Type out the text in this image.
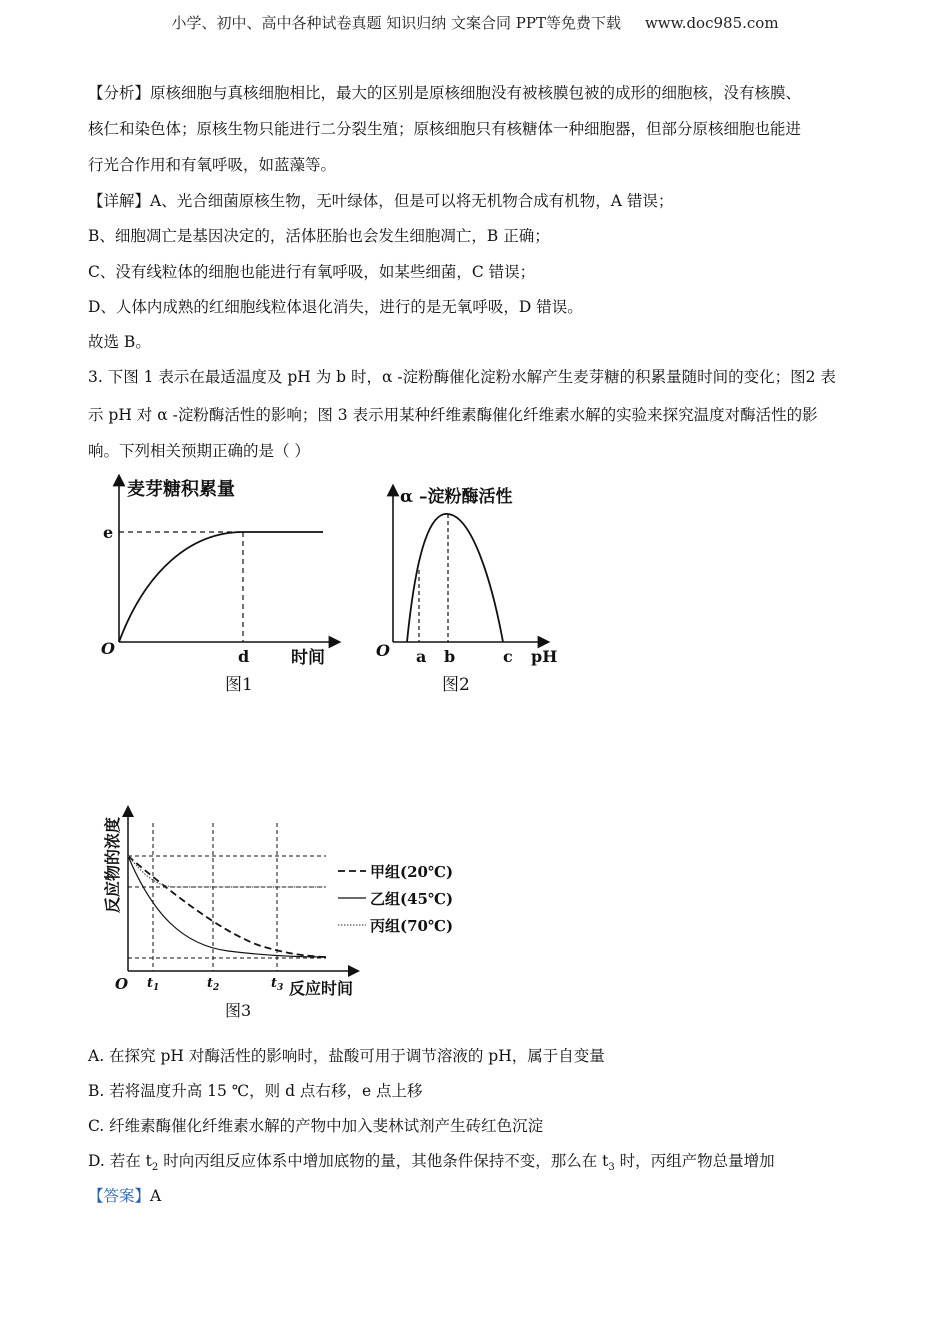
小学、初中、高中各种试卷真题 知识归纳 文案合同 PPT等免费下载 www.doc985.com
【分析】原核细胞与真核细胞相比，最大的区别是原核细胞没有被核膜包被的成形的细胞核，没有核膜、
核仁和染色体；原核生物只能进行二分裂生殖；原核细胞只有核糖体一种细胞器，但部分原核细胞也能进
行光合作用和有氧呼吸，如蓝藻等。
【详解】A、光合细菌原核生物，无叶绿体，但是可以将无机物合成有机物，A 错误；
B、细胞凋亡是基因决定的，活体胚胎也会发生细胞凋亡，B 正确；
C、没有线粒体的细胞也能进行有氧呼吸，如某些细菌，C 错误；
D、人体内成熟的红细胞线粒体退化消失，进行的是无氧呼吸，D 错误。
故选 B。
3. 下图 1 表示在最适温度及 pH 为 b 时，α -淀粉酶催化淀粉水解产生麦芽糖的积累量随时间的变化；图2 表
示 pH 对 α -淀粉酶活性的影响；图 3 表示用某种纤维素酶催化纤维素水解的实验来探究温度对酶活性的影
响。下列相关预期正确的是（ ）
麦芽糖积累量
e
O	d 时间
图1
α –淀粉酶活性
O a b	c pH
图2
反应物的浓度
O $t_1$	$t_2$	$t_3$ 反应时间
甲组(20℃)
乙组(45℃)
丙组(70℃)
图3
A. 在探究 pH 对酶活性的影响时，盐酸可用于调节溶液的 pH，属于自变量
B. 若将温度升高 15 ℃，则 d 点右移，e 点上移
C. 纤维素酶催化纤维素水解的产物中加入斐林试剂产生砖红色沉淀
D. 若在 $t_2$ 时向丙组反应体系中增加底物的量，其他条件保持不变，那么在 $t_3$ 时，丙组产物总量增加
【答案】A
